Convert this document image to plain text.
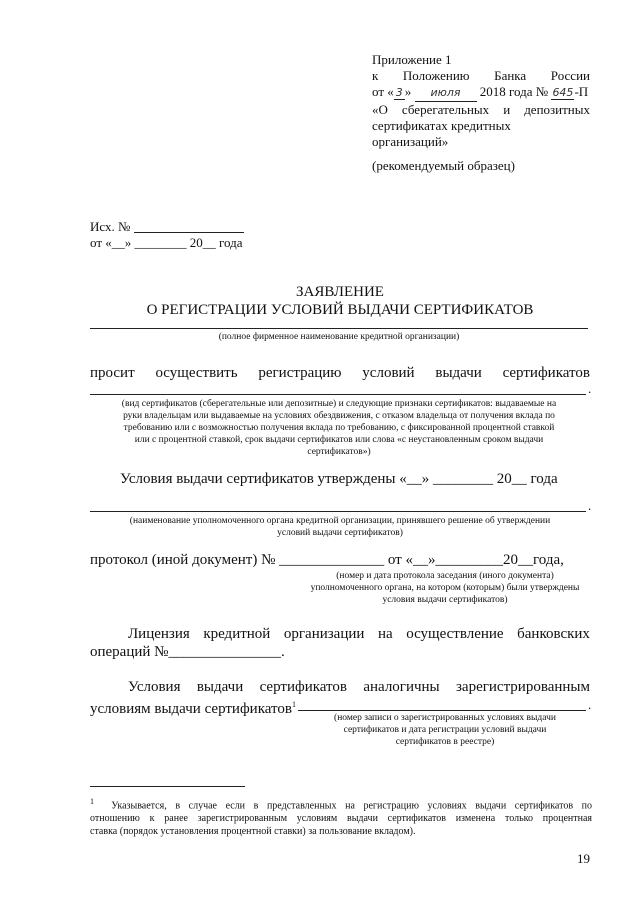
Приложение 1
к Положению Банка России
от « 3 » июля 2018 года № 645-П
«О сберегательных и депозитных
сертификатах кредитных организаций»
(рекомендуемый образец)
Исх. №
от «__» ________ 20__ года
ЗАЯВЛЕНИЕ
О РЕГИСТРАЦИИ УСЛОВИЙ ВЫДАЧИ СЕРТИФИКАТОВ
(полное фирменное наименование кредитной организации)
просит осуществить регистрацию условий выдачи сертификатов
.
(вид сертификатов (сберегательные или депозитные) и следующие признаки сертификатов: выдаваемые на
руки владельцам или выдаваемые на условиях обездвижения, с отказом владельца от получения вклада по
требованию или с возможностью получения вклада по требованию, с фиксированной процентной ставкой
или с процентной ставкой, срок выдачи сертификатов или слова «с неустановленным сроком выдачи
сертификатов»)
Условия выдачи сертификатов утверждены «__» ________ 20__ года
.
(наименование уполномоченного органа кредитной организации, принявшего решение об утверждении
условий выдачи сертификатов)
протокол (иной документ) № ______________ от «__»_________20__года,
(номер и дата протокола заседания (иного документа)
уполномоченного органа, на котором (которым) были утверждены
условия выдачи сертификатов)
Лицензия кредитной организации на осуществление банковских
операций №_______________.
Условия выдачи сертификатов аналогичны зарегистрированным
условиям выдачи сертификатов$^1$	.
(номер записи о зарегистрированных условиях выдачи
сертификатов и дата регистрации условий выдачи
сертификатов в реестре)
$^1$ Указывается, в случае если в представленных на регистрацию условиях выдачи сертификатов по
отношению к ранее зарегистрированным условиям выдачи сертификатов изменена только процентная
ставка (порядок установления процентной ставки) за пользование вкладом).
19
